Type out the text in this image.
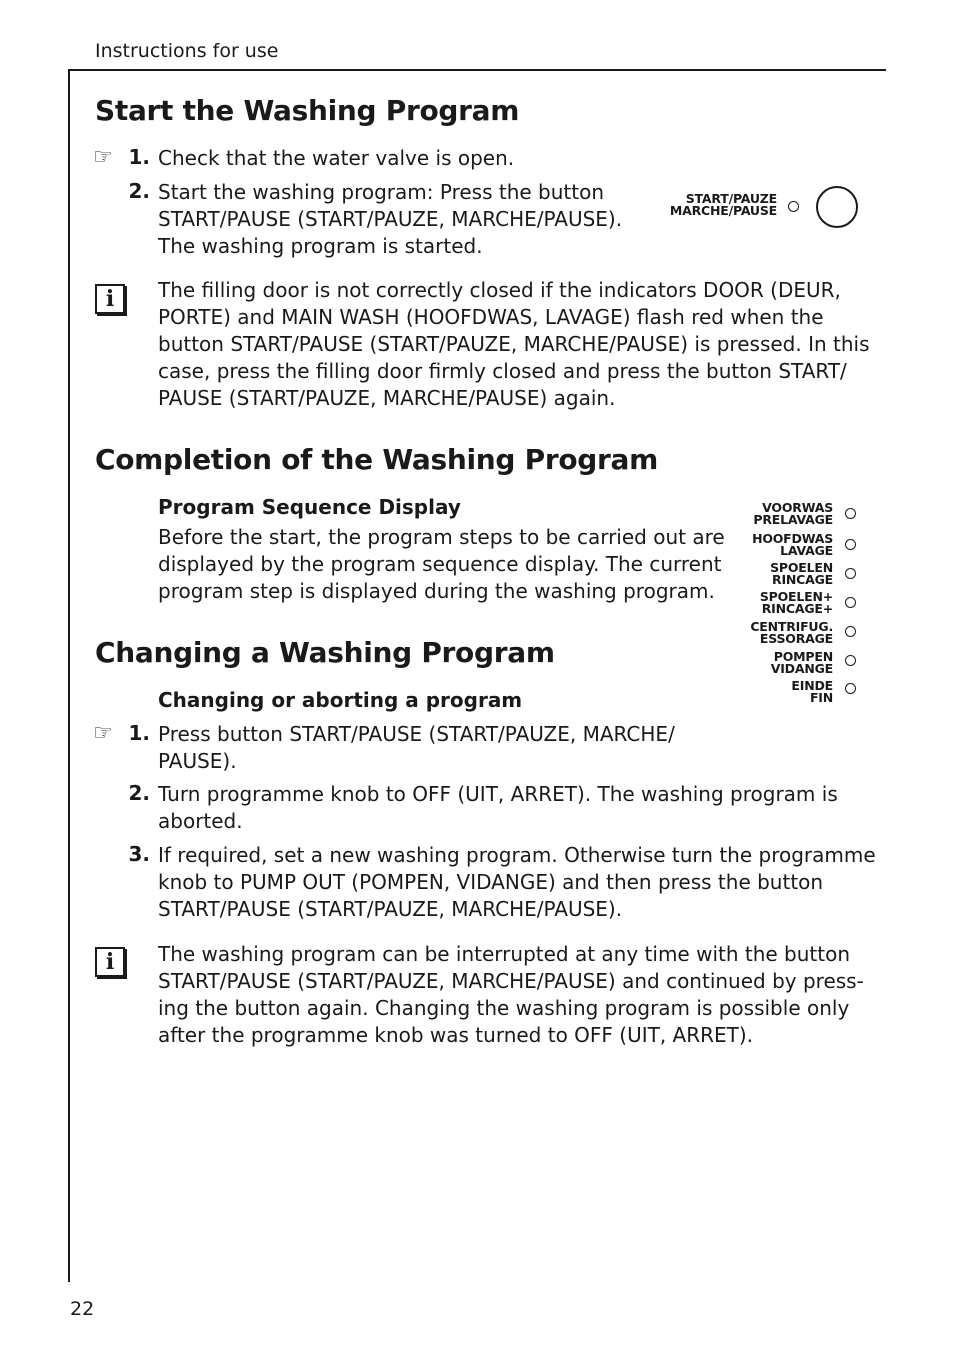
Instructions for use
Start the Washing Program
☞ 1. Check that the water valve is open.
2. Start the washing program: Press the button
START/PAUSE (START/PAUZE, MARCHE/PAUSE).
The washing program is started.
START/PAUZE
MARCHE/PAUSE
i	The filling door is not correctly closed if the indicators DOOR (DEUR,
PORTE) and MAIN WASH (HOOFDWAS, LAVAGE) flash red when the
button START/PAUSE (START/PAUZE, MARCHE/PAUSE) is pressed. In this
case, press the filling door firmly closed and press the button START/
PAUSE (START/PAUZE, MARCHE/PAUSE) again.
Completion of the Washing Program
Program Sequence Display
Before the start, the program steps to be carried out are
displayed by the program sequence display. The current
program step is displayed during the washing program.
VOORWAS
PRELAVAGE
HOOFDWAS
LAVAGE
SPOELEN
RINCAGE
SPOELEN+
RINCAGE+
CENTRIFUG.
ESSORAGE
POMPEN
VIDANGE
EINDE
FIN
Changing a Washing Program
Changing or aborting a program
☞ 1. Press button START/PAUSE (START/PAUZE, MARCHE/
PAUSE).
2. Turn programme knob to OFF (UIT, ARRET). The washing program is
aborted.
3. If required, set a new washing program. Otherwise turn the programme
knob to PUMP OUT (POMPEN, VIDANGE) and then press the button
START/PAUSE (START/PAUZE, MARCHE/PAUSE).
i	The washing program can be interrupted at any time with the button
START/PAUSE (START/PAUZE, MARCHE/PAUSE) and continued by press-
ing the button again. Changing the washing program is possible only
after the programme knob was turned to OFF (UIT, ARRET).
22
